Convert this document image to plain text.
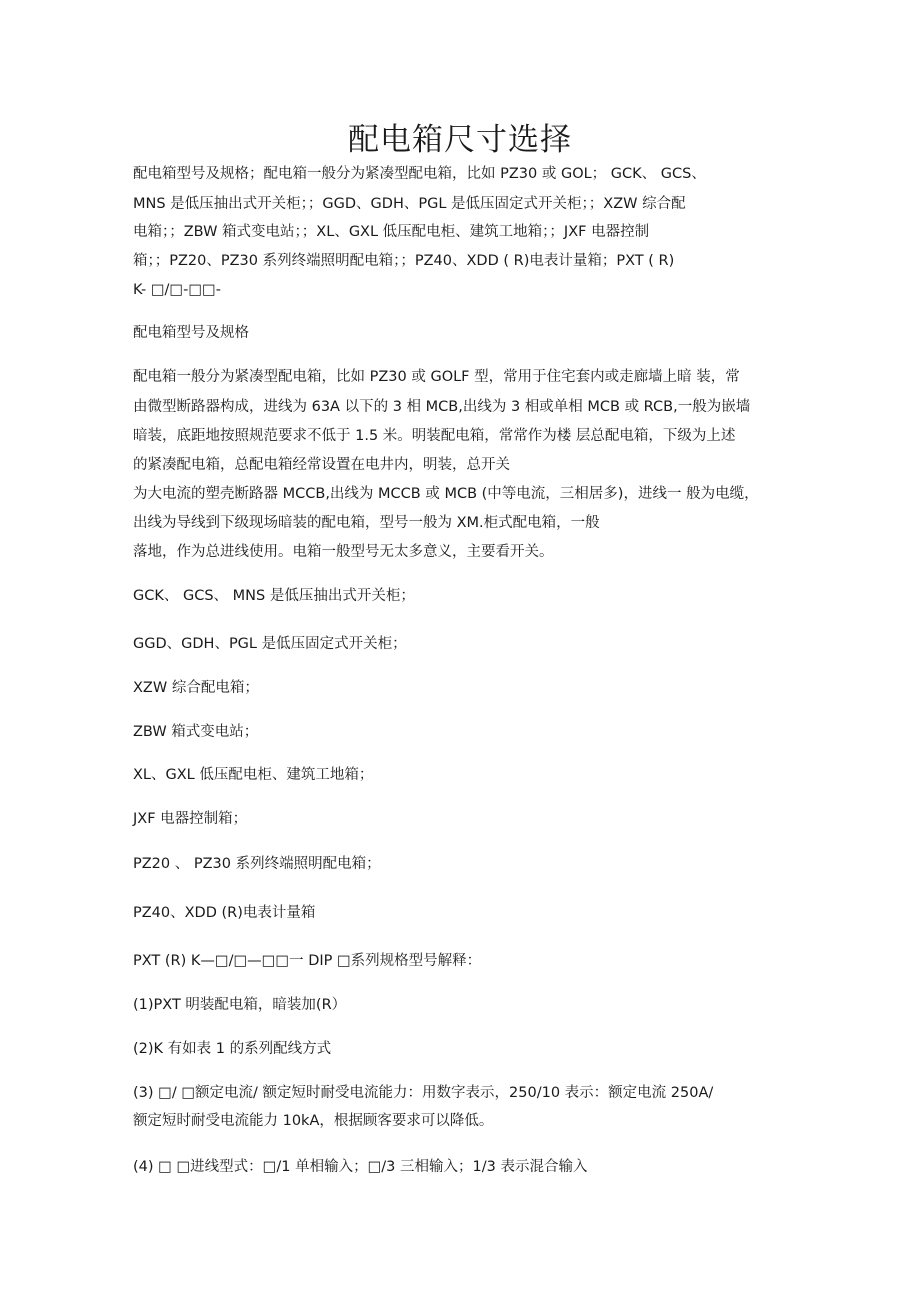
配电箱尺寸选择
配电箱型号及规格；配电箱一般分为紧凑型配电箱，比如 PZ30 或 GOL； GCK、 GCS、
MNS 是低压抽出式开关柜；；GGD、GDH、PGL 是低压固定式开关柜；；XZW 综合配
电箱；；ZBW 箱式变电站；；XL、GXL 低压配电柜、建筑工地箱；；JXF 电器控制
箱；；PZ20、PZ30 系列终端照明配电箱；；PZ40、XDD ( R)电表计量箱；PXT ( R)
K- □/□-□□-
配电箱型号及规格
配电箱一般分为紧凑型配电箱，比如 PZ30 或 GOLF 型，常用于住宅套内或走廊墙上暗 装，常
由微型断路器构成，进线为 63A 以下的 3 相 MCB,出线为 3 相或单相 MCB 或 RCB,一般为嵌墙
暗装，底距地按照规范要求不低于 1.5 米。明装配电箱，常常作为楼 层总配电箱，下级为上述
的紧凑配电箱，总配电箱经常设置在电井内，明装，总开关
为大电流的塑壳断路器 MCCB,出线为 MCCB 或 MCB (中等电流，三相居多)，进线一 般为电缆，
出线为导线到下级现场暗装的配电箱，型号一般为 XM.柜式配电箱，一般
落地，作为总进线使用。电箱一般型号无太多意义，主要看开关。
GCK、 GCS、 MNS 是低压抽出式开关柜；
GGD、GDH、PGL 是低压固定式开关柜；
XZW 综合配电箱；
ZBW 箱式变电站；
XL、GXL 低压配电柜、建筑工地箱；
JXF 电器控制箱；
PZ20 、 PZ30 系列终端照明配电箱；
PZ40、XDD (R)电表计量箱
PXT (R) K—□/□—□□一 DIP □系列规格型号解释：
(1)PXT 明装配电箱，暗装加(R）
(2)K 有如表 1 的系列配线方式
(3) □/ □额定电流/ 额定短时耐受电流能力：用数字表示，250/10 表示：额定电流 250A/
额定短时耐受电流能力 10kA，根据顾客要求可以降低。
(4) □ □进线型式：□/1 单相输入；□/3 三相输入；1/3 表示混合输入
